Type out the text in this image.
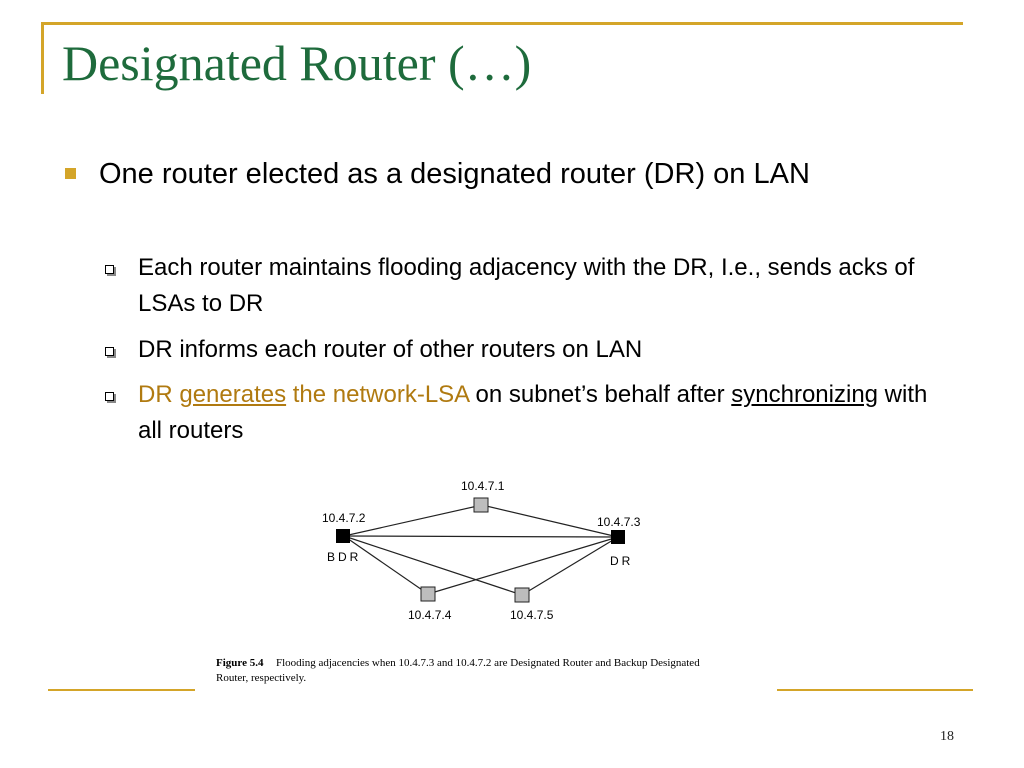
Designated Router (…)
One router elected as a designated router (DR) on LAN
Each router maintains flooding adjacency with the DR, I.e., sends acks of LSAs to DR
DR informs each router of other routers on LAN
DR generates the network-LSA on subnet’s behalf after synchronizing with all routers
10.4.7.1
10.4.7.2	10.4.7.3
10.4.7.4	10.4.7.5
BDR	DR
Figure 5.4 Flooding adjacencies when 10.4.7.3 and 10.4.7.2 are Designated Router and Backup Designated
Router, respectively.
18
